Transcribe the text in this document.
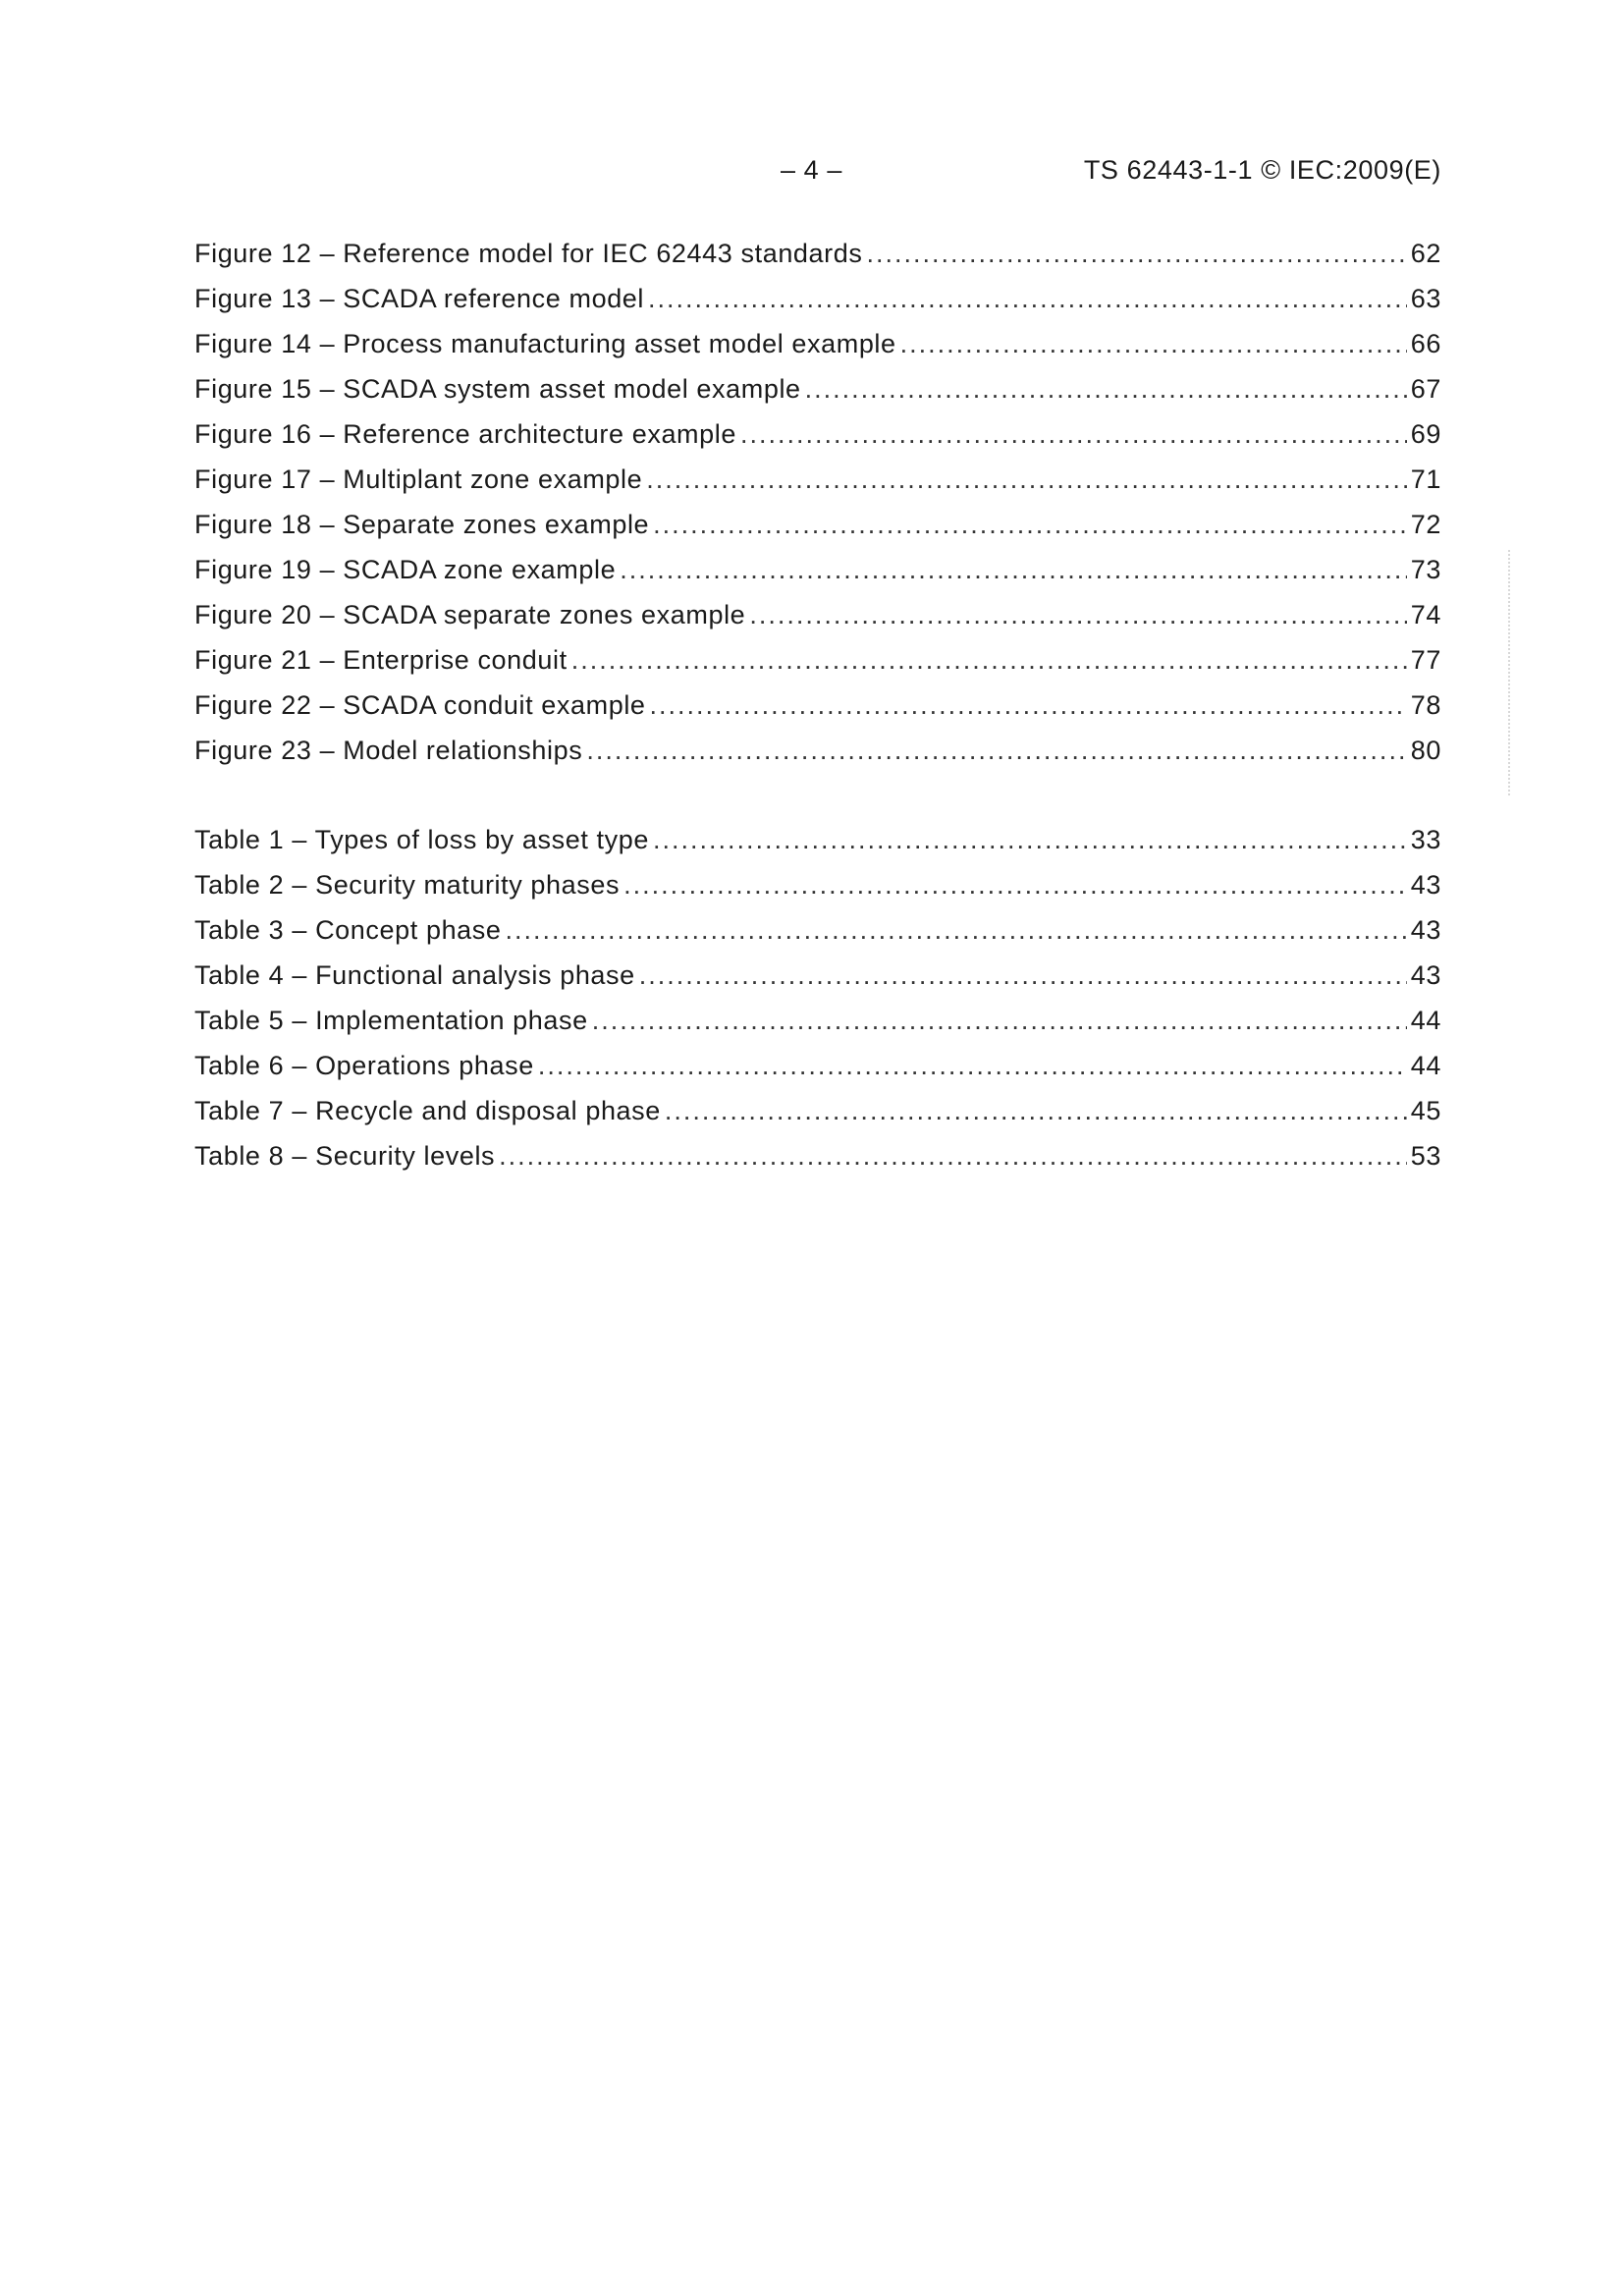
– 4 –	TS 62443-1-1 © IEC:2009(E)
Figure 12 – Reference model for IEC 62443 standards .....	62
Figure 13 – SCADA reference model .....	63
Figure 14 – Process manufacturing asset model example .....	66
Figure 15 – SCADA system asset model example .....	67
Figure 16 – Reference architecture example .....	69
Figure 17 – Multiplant zone example .....	71
Figure 18 – Separate zones example .....	72
Figure 19 – SCADA zone example .....	73
Figure 20 – SCADA separate zones example .....	74
Figure 21 – Enterprise conduit .....	77
Figure 22 – SCADA conduit example .....	78
Figure 23 – Model relationships .....	80
Table 1 – Types of loss by asset type .....	33
Table 2 – Security maturity phases .....	43
Table 3 – Concept phase .....	43
Table 4 – Functional analysis phase .....	43
Table 5 – Implementation phase .....	44
Table 6 – Operations phase .....	44
Table 7 – Recycle and disposal phase .....	45
Table 8 – Security levels .....	53
